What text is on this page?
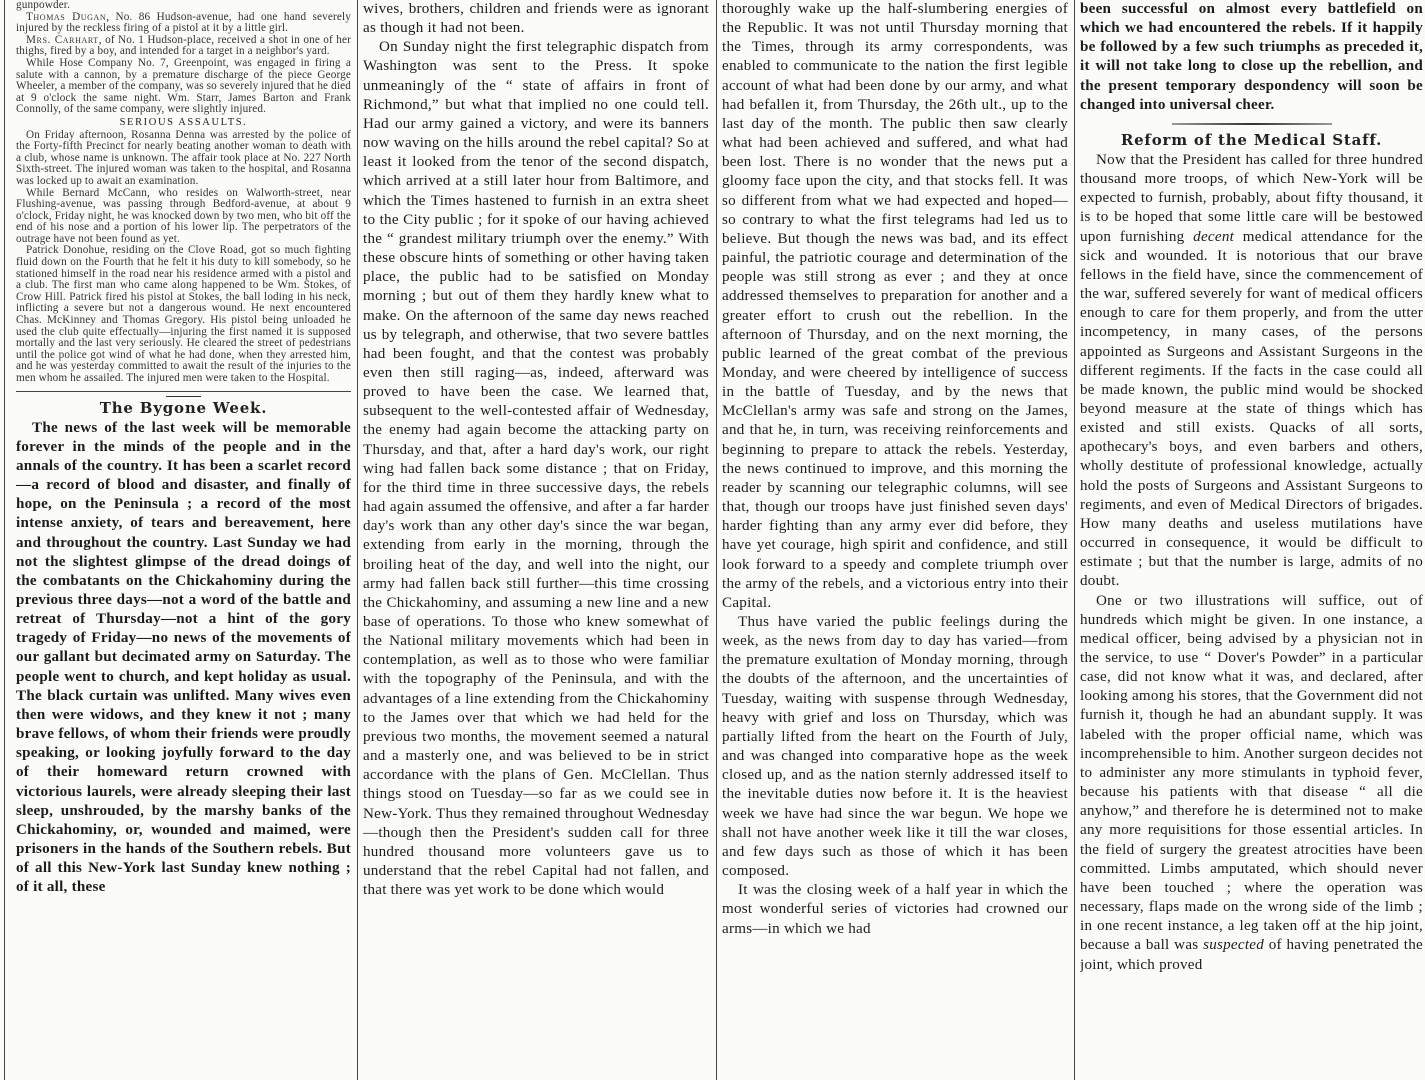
gunpowder.

Thomas Dugan, No. 86 Hudson-avenue, had one hand severely injured by the reckless firing of a pistol at it by a little girl.

Mrs. Carhart, of No. 1 Hudson-place, received a shot in one of her thighs, fired by a boy, and intended for a target in a neighbor's yard.

While Hose Company No. 7, Greenpoint, was engaged in firing a salute with a cannon, by a premature discharge of the piece George Wheeler, a member of the company, was so severely injured that he died at 9 o'clock the same night. Wm. Starr, James Barton and Frank Connolly, of the same company, were slightly injured.

SERIOUS ASSAULTS.

On Friday afternoon, Rosanna Denna was arrested by the police of the Forty-fifth Precinct for nearly beating another woman to death with a club, whose name is unknown. The affair took place at No. 227 North Sixth-street. The injured woman was taken to the hospital, and Rosanna was locked up to await an examination.

While Bernard McCann, who resides on Walworth-street, near Flushing-avenue, was passing through Bedford-avenue, at about 9 o'clock, Friday night, he was knocked down by two men, who bit off the end of his nose and a portion of his lower lip. The perpetrators of the outrage have not been found as yet.

Patrick Donohue, residing on the Clove Road, got so much fighting fluid down on the Fourth that he felt it his duty to kill somebody, so he stationed himself in the road near his residence armed with a pistol and a club. The first man who came along happened to be Wm. Stokes, of Crow Hill. Patrick fired his pistol at Stokes, the ball loding in his neck, inflicting a severe but not a dangerous wound. He next encountered Chas. McKinney and Thomas Gregory. His pistol being unloaded he used the club quite effectually—injuring the first named it is supposed mortally and the last very seriously. He cleared the street of pedestrians until the police got wind of what he had done, when they arrested him, and he was yesterday committed to await the result of the injuries to the men whom he assailed. The injured men were taken to the Hospital.

The Bygone Week.

The news of the last week will be memorable forever in the minds of the people and in the annals of the country. It has been a scarlet record—a record of blood and disaster, and finally of hope, on the Peninsula ; a record of the most intense anxiety, of tears and bereavement, here and throughout the country. Last Sunday we had not the slightest glimpse of the dread doings of the combatants on the Chickahominy during the previous three days—not a word of the battle and retreat of Thursday—not a hint of the gory tragedy of Friday—no news of the movements of our gallant but decimated army on Saturday. The people went to church, and kept holiday as usual. The black curtain was unlifted. Many wives even then were widows, and they knew it not ; many brave fellows, of whom their friends were proudly speaking, or looking joyfully forward to the day of their homeward return crowned with victorious laurels, were already sleeping their last sleep, unshrouded, by the marshy banks of the Chickahominy, or, wounded and maimed, were prisoners in the hands of the Southern rebels. But of all this New-York last Sunday knew nothing ; of it all, these

wives, brothers, children and friends were as ignorant as though it had not been.

On Sunday night the first telegraphic dispatch from Washington was sent to the Press. It spoke unmeaningly of the “ state of affairs in front of Richmond,” but what that implied no one could tell. Had our army gained a victory, and were its banners now waving on the hills around the rebel capital? So at least it looked from the tenor of the second dispatch, which arrived at a still later hour from Baltimore, and which the Times hastened to furnish in an extra sheet to the City public ; for it spoke of our having achieved the “ grandest military triumph over the enemy.” With these obscure hints of something or other having taken place, the public had to be satisfied on Monday morning ; but out of them they hardly knew what to make. On the afternoon of the same day news reached us by telegraph, and otherwise, that two severe battles had been fought, and that the contest was probably even then still raging—as, indeed, afterward was proved to have been the case. We learned that, subsequent to the well-contested affair of Wednesday, the enemy had again become the attacking party on Thursday, and that, after a hard day's work, our right wing had fallen back some distance ; that on Friday, for the third time in three successive days, the rebels had again assumed the offensive, and after a far harder day's work than any other day's since the war began, extending from early in the morning, through the broiling heat of the day, and well into the night, our army had fallen back still further—this time crossing the Chickahominy, and assuming a new line and a new base of operations. To those who knew somewhat of the National military movements which had been in contemplation, as well as to those who were familiar with the topography of the Peninsula, and with the advantages of a line extending from the Chickahominy to the James over that which we had held for the previous two months, the movement seemed a natural and a masterly one, and was believed to be in strict accordance with the plans of Gen. McClellan. Thus things stood on Tuesday—so far as we could see in New-York. Thus they remained throughout Wednesday—though then the President's sudden call for three hundred thousand more volunteers gave us to understand that the rebel Capital had not fallen, and that there was yet work to be done which would

thoroughly wake up the half-slumbering energies of the Republic. It was not until Thursday morning that the Times, through its army correspondents, was enabled to communicate to the nation the first legible account of what had been done by our army, and what had befallen it, from Thursday, the 26th ult., up to the last day of the month. The public then saw clearly what had been achieved and suffered, and what had been lost. There is no wonder that the news put a gloomy face upon the city, and that stocks fell. It was so different from what we had expected and hoped—so contrary to what the first telegrams had led us to believe. But though the news was bad, and its effect painful, the patriotic courage and determination of the people was still strong as ever ; and they at once addressed themselves to preparation for another and a greater effort to crush out the rebellion. In the afternoon of Thursday, and on the next morning, the public learned of the great combat of the previous Monday, and were cheered by intelligence of success in the battle of Tuesday, and by the news that McClellan's army was safe and strong on the James, and that he, in turn, was receiving reinforcements and beginning to prepare to attack the rebels. Yesterday, the news continued to improve, and this morning the reader by scanning our telegraphic columns, will see that, though our troops have just finished seven days' harder fighting than any army ever did before, they have yet courage, high spirit and confidence, and still look forward to a speedy and complete triumph over the army of the rebels, and a victorious entry into their Capital.

Thus have varied the public feelings during the week, as the news from day to day has varied—from the premature exultation of Monday morning, through the doubts of the afternoon, and the uncertainties of Tuesday, waiting with suspense through Wednesday, heavy with grief and loss on Thursday, which was partially lifted from the heart on the Fourth of July, and was changed into comparative hope as the week closed up, and as the nation sternly addressed itself to the inevitable duties now before it. It is the heaviest week we have had since the war begun. We hope we shall not have another week like it till the war closes, and few days such as those of which it has been composed.

It was the closing week of a half year in which the most wonderful series of victories had crowned our arms—in which we had

been successful on almost every battlefield on which we had encountered the rebels. If it happily be followed by a few such triumphs as preceded it, it will not take long to close up the rebellion, and the present temporary despondency will soon be changed into universal cheer.

Reform of the Medical Staff.

Now that the President has called for three hundred thousand more troops, of which New-York will be expected to furnish, probably, about fifty thousand, it is to be hoped that some little care will be bestowed upon furnishing decent medical attendance for the sick and wounded. It is notorious that our brave fellows in the field have, since the commencement of the war, suffered severely for want of medical officers enough to care for them properly, and from the utter incompetency, in many cases, of the persons appointed as Surgeons and Assistant Surgeons in the different regiments. If the facts in the case could all be made known, the public mind would be shocked beyond measure at the state of things which has existed and still exists. Quacks of all sorts, apothecary's boys, and even barbers and others, wholly destitute of professional knowledge, actually hold the posts of Surgeons and Assistant Surgeons to regiments, and even of Medical Directors of brigades. How many deaths and useless mutilations have occurred in consequence, it would be difficult to estimate ; but that the number is large, admits of no doubt.

One or two illustrations will suffice, out of hundreds which might be given. In one instance, a medical officer, being advised by a physician not in the service, to use “ Dover's Powder” in a particular case, did not know what it was, and declared, after looking among his stores, that the Government did not furnish it, though he had an abundant supply. It was labeled with the proper official name, which was incomprehensible to him. Another surgeon decides not to administer any more stimulants in typhoid fever, because his patients with that disease “ all die anyhow,” and therefore he is determined not to make any more requisitions for those essential articles. In the field of surgery the greatest atrocities have been committed. Limbs amputated, which should never have been touched ; where the operation was necessary, flaps made on the wrong side of the limb ; in one recent instance, a leg taken off at the hip joint, because a ball was suspected of having penetrated the joint, which proved
